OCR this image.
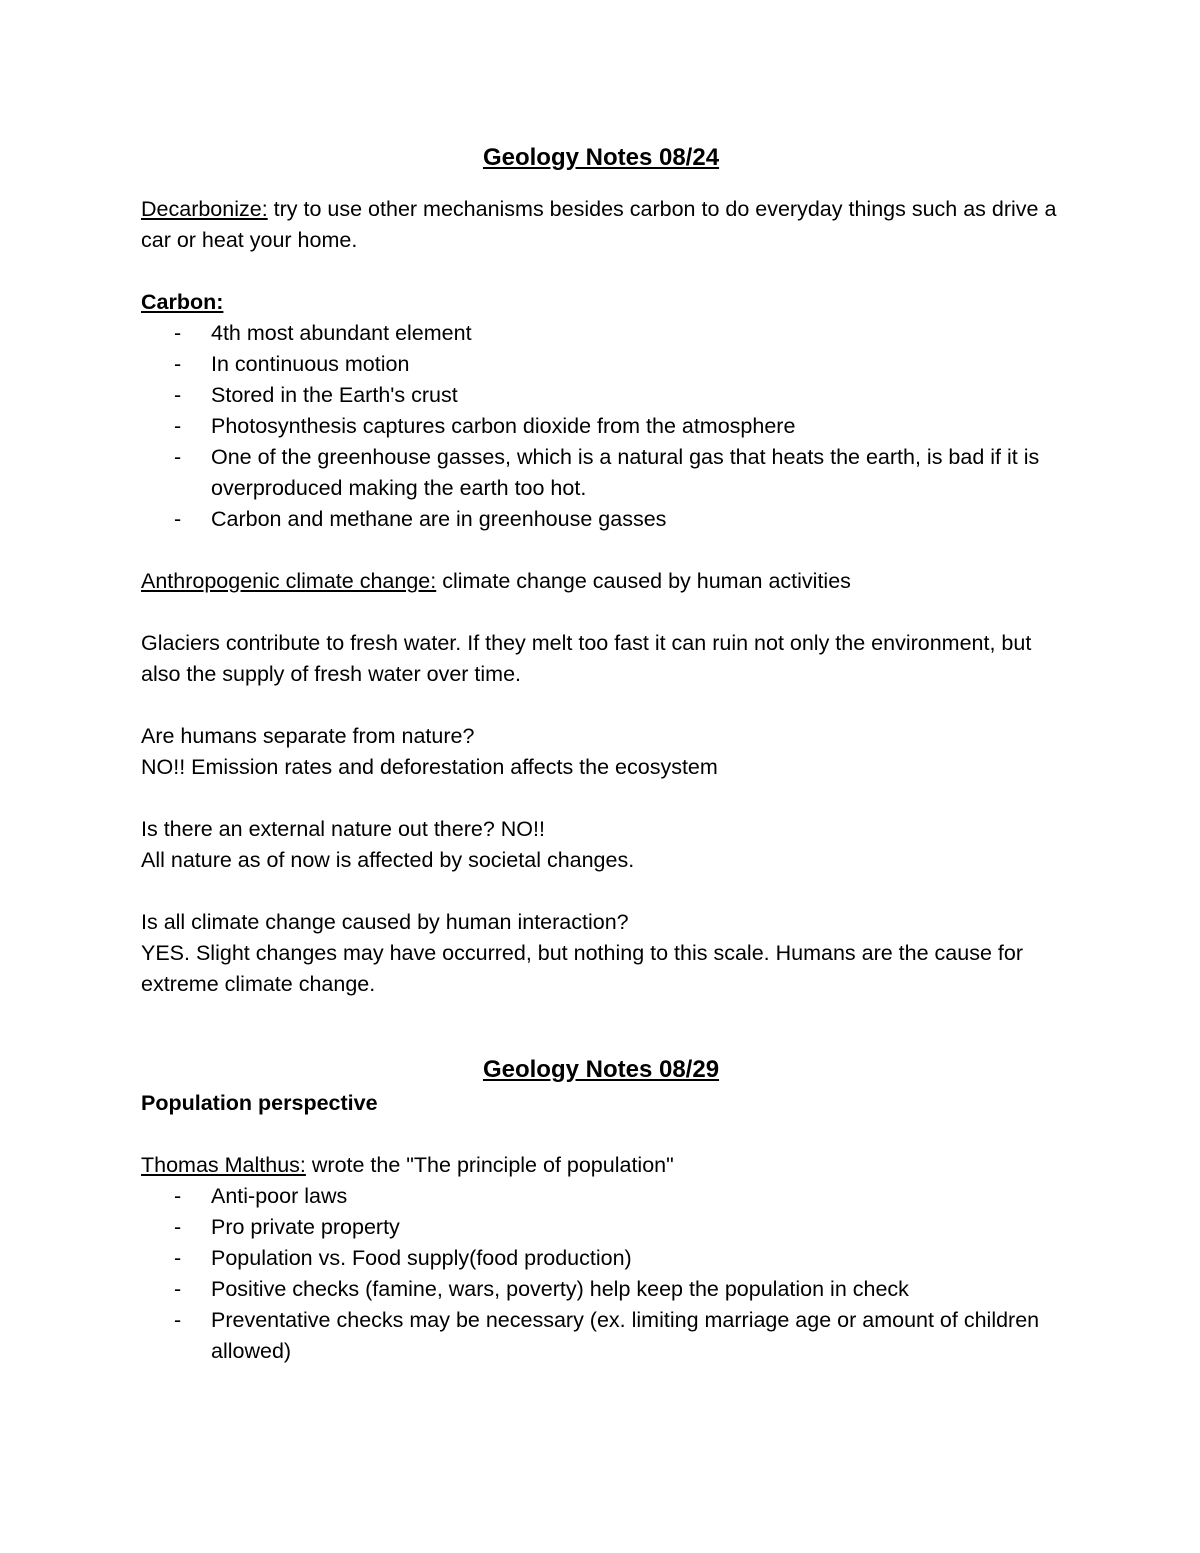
Geology Notes 08/24

Decarbonize: try to use other mechanisms besides carbon to do everyday things such as drive a car or heat your home.

Carbon:

- 4th most abundant element
- In continuous motion
- Stored in the Earth's crust
- Photosynthesis captures carbon dioxide from the atmosphere
- One of the greenhouse gasses, which is a natural gas that heats the earth, is bad if it is overproduced making the earth too hot.
- Carbon and methane are in greenhouse gasses

Anthropogenic climate change: climate change caused by human activities

Glaciers contribute to fresh water. If they melt too fast it can ruin not only the environment, but also the supply of fresh water over time.

Are humans separate from nature?

NO!! Emission rates and deforestation affects the ecosystem

Is there an external nature out there? NO!!

All nature as of now is affected by societal changes.

Is all climate change caused by human interaction?

YES. Slight changes may have occurred, but nothing to this scale. Humans are the cause for extreme climate change.

Geology Notes 08/29

Population perspective

Thomas Malthus: wrote the "The principle of population"

- Anti-poor laws
- Pro private property
- Population vs. Food supply(food production)
- Positive checks (famine, wars, poverty) help keep the population in check
- Preventative checks may be necessary (ex. limiting marriage age or amount of children allowed)
